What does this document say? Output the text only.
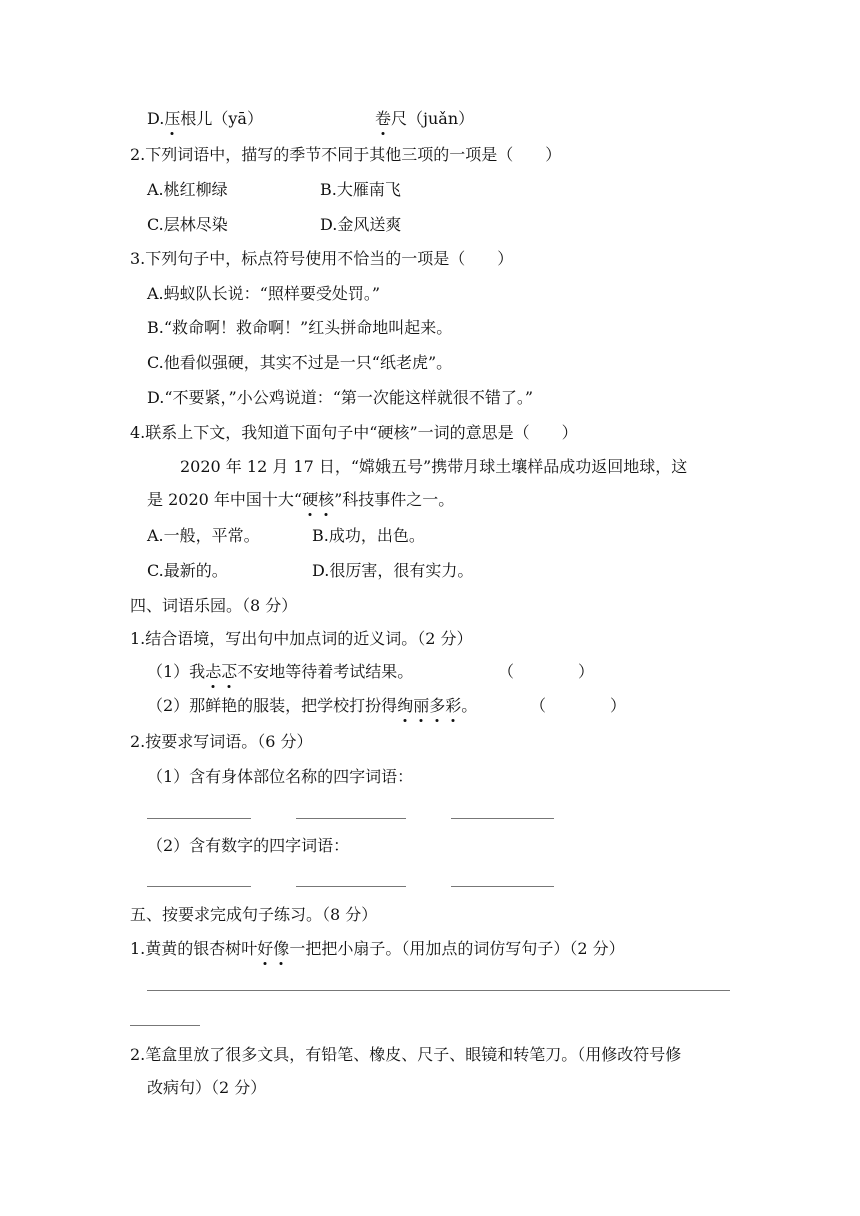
D.压根儿（yā）	卷尺（juǎn）
2.下列词语中，描写的季节不同于其他三项的一项是（　　）
A.桃红柳绿	B.大雁南飞
C.层林尽染	D.金风送爽
3.下列句子中，标点符号使用不恰当的一项是（　　）
A.蚂蚁队长说：“照样要受处罚。”
B.“救命啊！救命啊！”红头拼命地叫起来。
C.他看似强硬，其实不过是一只“纸老虎”。
D.“不要紧，”小公鸡说道：“第一次能这样就很不错了。”
4.联系上下文，我知道下面句子中“硬核”一词的意思是（　　）
2020 年 12 月 17 日，“嫦娥五号”携带月球土壤样品成功返回地球，这
是 2020 年中国十大“硬核”科技事件之一。
A.一般，平常。	B.成功，出色。
C.最新的。	D.很厉害，很有实力。
四、词语乐园。（8 分）
1.结合语境，写出句中加点词的近义词。（2 分）
（1）我忐忑不安地等待着考试结果。	（　　　　）
（2）那鲜艳的服装，把学校打扮得绚丽多彩。	（　　　　）
2.按要求写词语。（6 分）
（1）含有身体部位名称的四字词语：
（2）含有数字的四字词语：
五、按要求完成句子练习。（8 分）
1.黄黄的银杏树叶好像一把把小扇子。（用加点的词仿写句子）（2 分）
2.笔盒里放了很多文具，有铅笔、橡皮、尺子、眼镜和转笔刀。（用修改符号修
改病句）（2 分）
